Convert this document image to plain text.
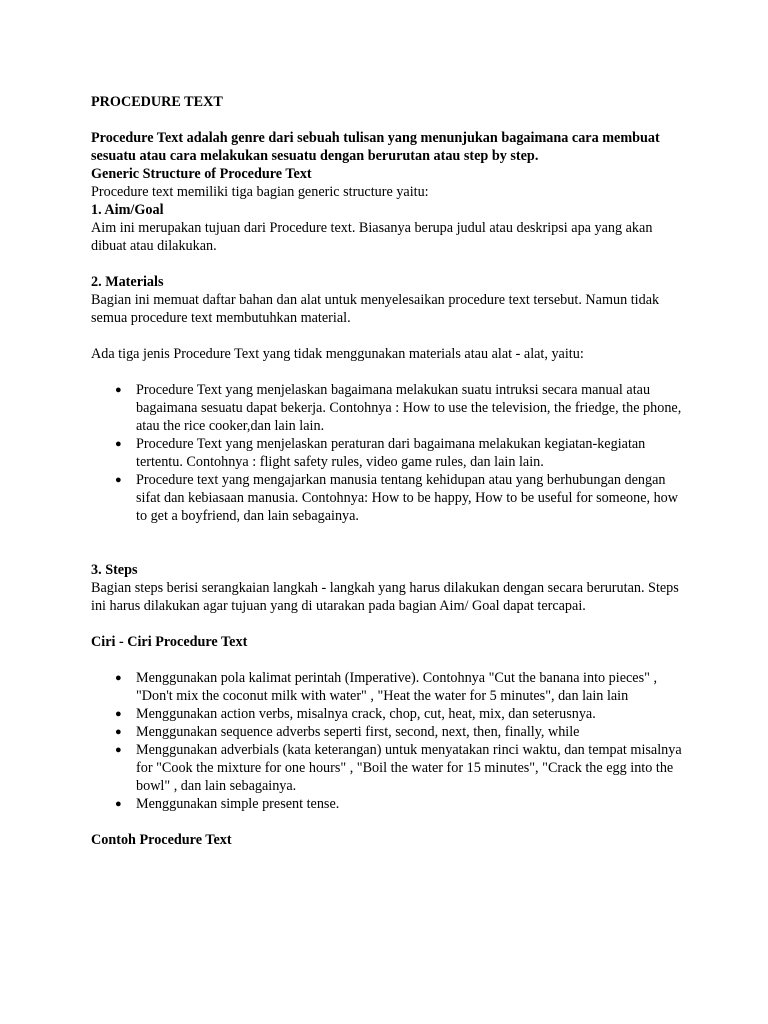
PROCEDURE TEXT

Procedure Text adalah genre dari sebuah tulisan yang menunjukan bagaimana cara membuat sesuatu atau cara melakukan sesuatu dengan berurutan atau step by step.

Generic Structure of Procedure Text

Procedure text memiliki tiga bagian generic structure yaitu:

1. Aim/Goal

Aim ini merupakan tujuan dari Procedure text. Biasanya berupa judul atau deskripsi apa yang akan dibuat atau dilakukan.

2. Materials

Bagian ini memuat daftar bahan dan alat untuk menyelesaikan procedure text tersebut. Namun tidak semua procedure text membutuhkan material.

Ada tiga jenis Procedure Text yang tidak menggunakan materials atau alat - alat, yaitu:

● Procedure Text yang menjelaskan bagaimana melakukan suatu intruksi secara manual atau bagaimana sesuatu dapat bekerja. Contohnya : How to use the television, the friedge, the phone, atau the rice cooker,dan lain lain.
● Procedure Text yang menjelaskan peraturan dari bagaimana melakukan kegiatan-kegiatan tertentu. Contohnya : flight safety rules, video game rules, dan lain lain.
● Procedure text yang mengajarkan manusia tentang kehidupan atau yang berhubungan dengan sifat dan kebiasaan manusia. Contohnya: How to be happy, How to be useful for someone, how to get a boyfriend, dan lain sebagainya.

3. Steps

Bagian steps berisi serangkaian langkah - langkah yang harus dilakukan dengan secara berurutan. Steps ini harus dilakukan agar tujuan yang di utarakan pada bagian Aim/ Goal dapat tercapai.

Ciri - Ciri Procedure Text

● Menggunakan pola kalimat perintah (Imperative). Contohnya "Cut the banana into pieces" , "Don't mix the coconut milk with water" , "Heat the water for 5 minutes", dan lain lain
● Menggunakan action verbs, misalnya crack, chop, cut, heat, mix, dan seterusnya.
● Menggunakan sequence adverbs seperti first, second, next, then, finally, while
● Menggunakan adverbials (kata keterangan) untuk menyatakan rinci waktu, dan tempat misalnya for "Cook the mixture for one hours" , "Boil the water for 15 minutes", "Crack the egg into the bowl" , dan lain sebagainya.
● Menggunakan simple present tense.

Contoh Procedure Text
